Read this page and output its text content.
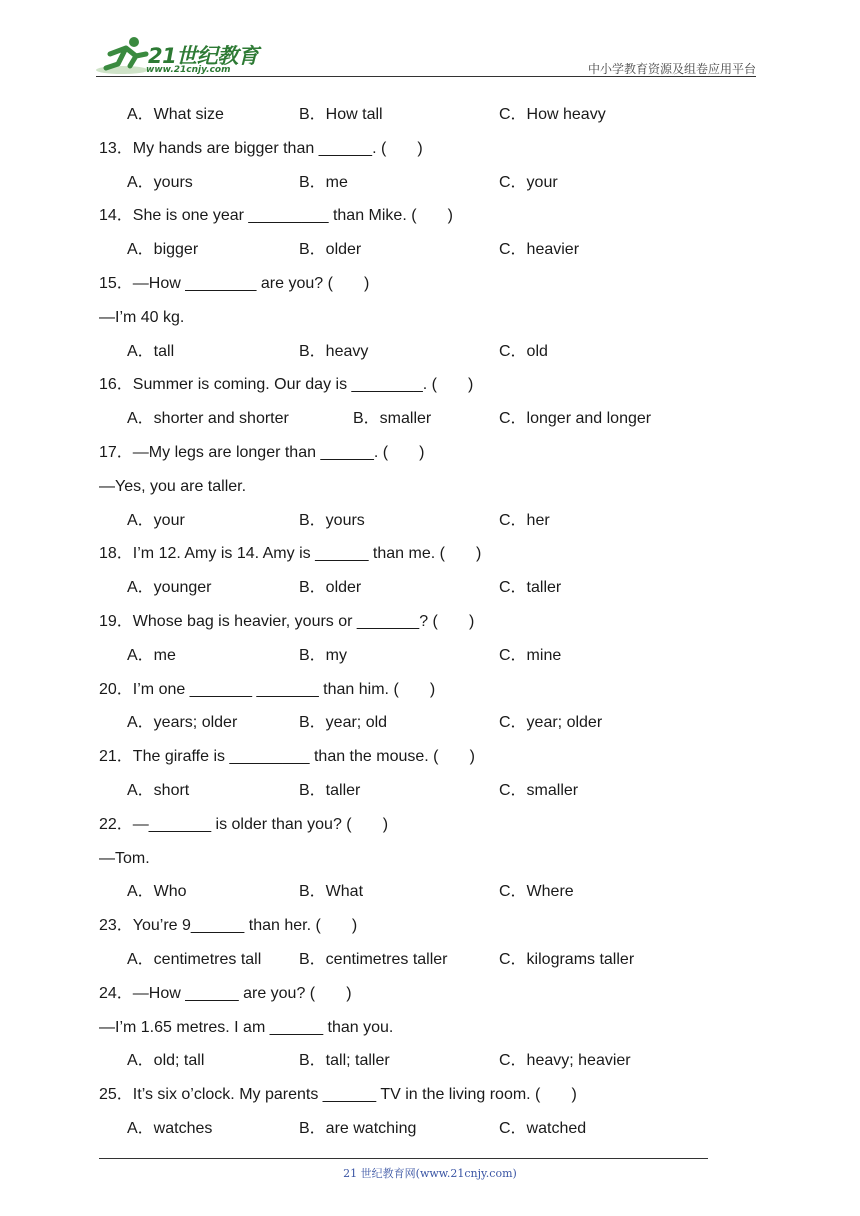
21世纪教育
www.21cnjy.com	中小学教育资源及组卷应用平台
A．What size	B．How tall	C．How heavy
13．My hands are bigger than ______. (       )
A．yours	B．me	C．your
14．She is one year _________ than Mike. (       )
A．bigger	B．older	C．heavier
15．—How ________ are you? (       )
—I’m 40 kg.
A．tall	B．heavy	C．old
16．Summer is coming. Our day is ________. (       )
A．shorter and shorter	B．smaller	C．longer and longer
17．—My legs are longer than ______. (       )
—Yes, you are taller.
A．your	B．yours	C．her
18．I’m 12. Amy is 14. Amy is ______ than me. (       )
A．younger	B．older	C．taller
19．Whose bag is heavier, yours or _______? (       )
A．me	B．my	C．mine
20．I’m one _______ _______ than him. (       )
A．years; older	B．year; old	C．year; older
21．The giraffe is _________ than the mouse. (       )
A．short	B．taller	C．smaller
22．—_______ is older than you? (       )
—Tom.
A．Who	B．What	C．Where
23．You’re 9______ than her. (       )
A．centimetres tall B．centimetres taller	C．kilograms taller
24．—How ______ are you? (       )
—I’m 1.65 metres. I am ______ than you.
A．old; tall	B．tall; taller	C．heavy; heavier
25．It’s six o’clock. My parents ______ TV in the living room. (       )
A．watches	B．are watching	C．watched
21 世纪教育网(www.21cnjy.com)
